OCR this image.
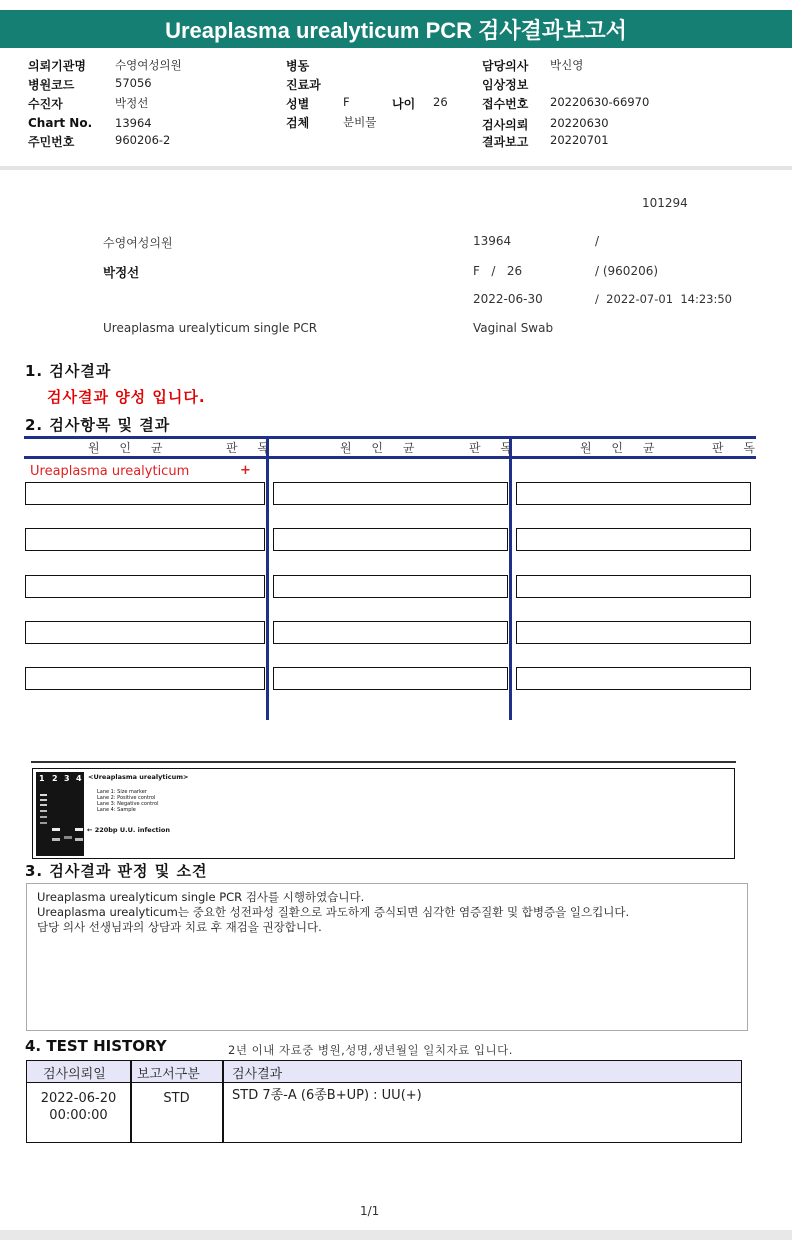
Ureaplasma urealyticum PCR 검사결과보고서
의뢰기관명	수영여성의원
병원코드	57056
수진자	박정선
Chart No. 13964
주민번호	960206-2
병동
진료과
성별	F	나이 26
검체	분비물
담당의사 박신영
임상정보
접수번호 20220630-66970
검사의뢰 20220630
결과보고 20220701
101294
수영여성의원	13964	/
박정선	F   /   26	/ (960206)
2022-06-30	/  2022-07-01  14:23:50
Ureaplasma urealyticum single PCR	Vaginal Swab
1. 검사결과
검사결과 양성 입니다.
2. 검사항목 및 결과
원 인 균	판 독	원 인 균	판 독	원 인 균	판 독
Ureaplasma urealyticum	+
1 2 3 4 <Ureaplasma urealyticum>
Lane 1: Size marker
Lane 2: Positive control
Lane 3: Negative control
Lane 4: Sample
← 220bp U.U. infection
3. 검사결과 판정 및 소견
Ureaplasma urealyticum single PCR 검사를 시행하였습니다.
Ureaplasma urealyticum는 중요한 성전파성 질환으로 과도하게 증식되면 심각한 염증질환 및 합병증을 일으킵니다.
담당 의사 선생님과의 상담과 치료 후 재검을 권장합니다.
4. TEST HISTORY	2년 이내 자료중 병원,성명,생년월일 일치자료 입니다.
검사의뢰일 보고서구분 검사결과
2022-06-20
00:00:00
STD	STD 7종-A (6종B+UP) : UU(+)
1/1
